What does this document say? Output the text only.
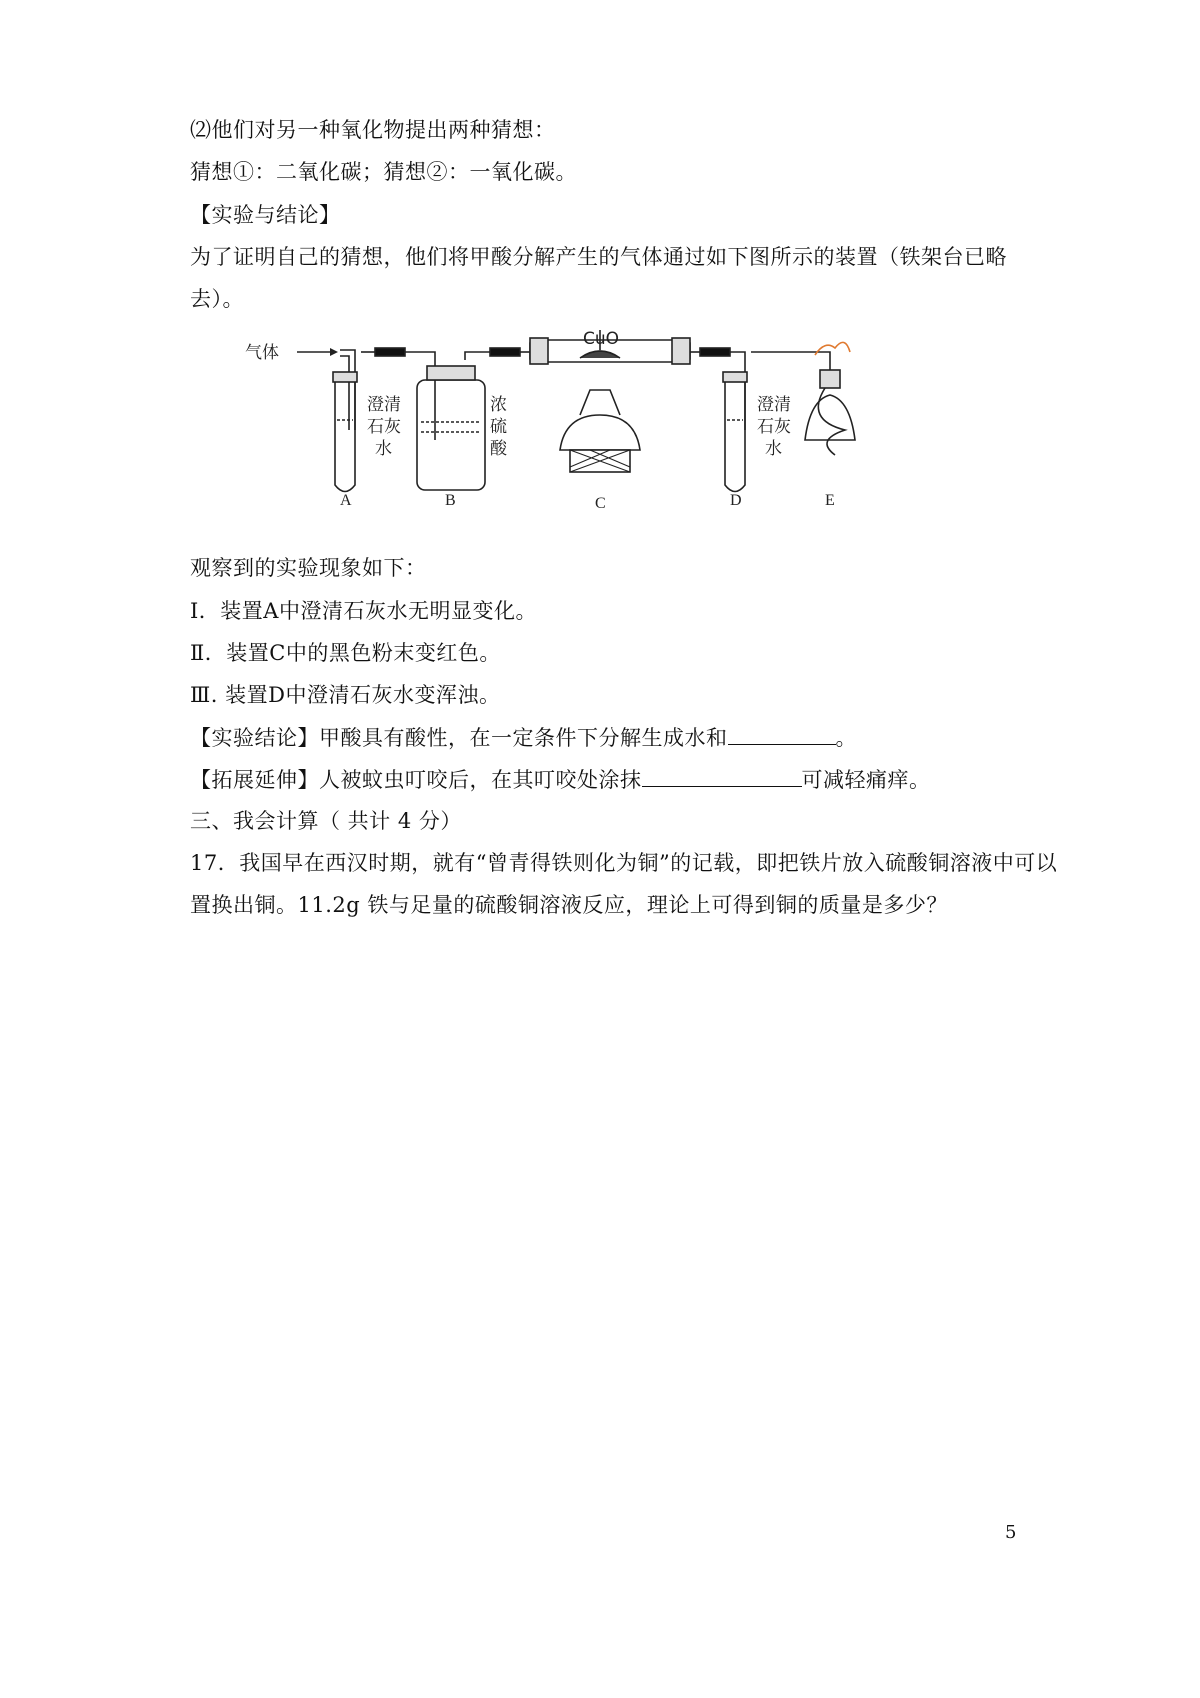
⑵他们对另一种氧化物提出两种猜想：
猜想①：二氧化碳；猜想②：一氧化碳。
【实验与结论】
为了证明自己的猜想，他们将甲酸分解产生的气体通过如下图所示的装置（铁架台已略
去）。
气体
CuO
澄清
石灰
水
浓
硫
酸
澄清
石灰
水
A	B	C	D	E
观察到的实验现象如下：
Ⅰ．装置A中澄清石灰水无明显变化。
Ⅱ．装置C中的黑色粉末变红色。
Ⅲ. 装置D中澄清石灰水变浑浊。
【实验结论】甲酸具有酸性，在一定条件下分解生成水和	。
【拓展延伸】人被蚊虫叮咬后，在其叮咬处涂抹	可减轻痛痒。
三、我会计算（ 共计 4 分）
17．我国早在西汉时期，就有“曾青得铁则化为铜”的记载，即把铁片放入硫酸铜溶液中可以
置换出铜。11.2g 铁与足量的硫酸铜溶液反应，理论上可得到铜的质量是多少？
5
